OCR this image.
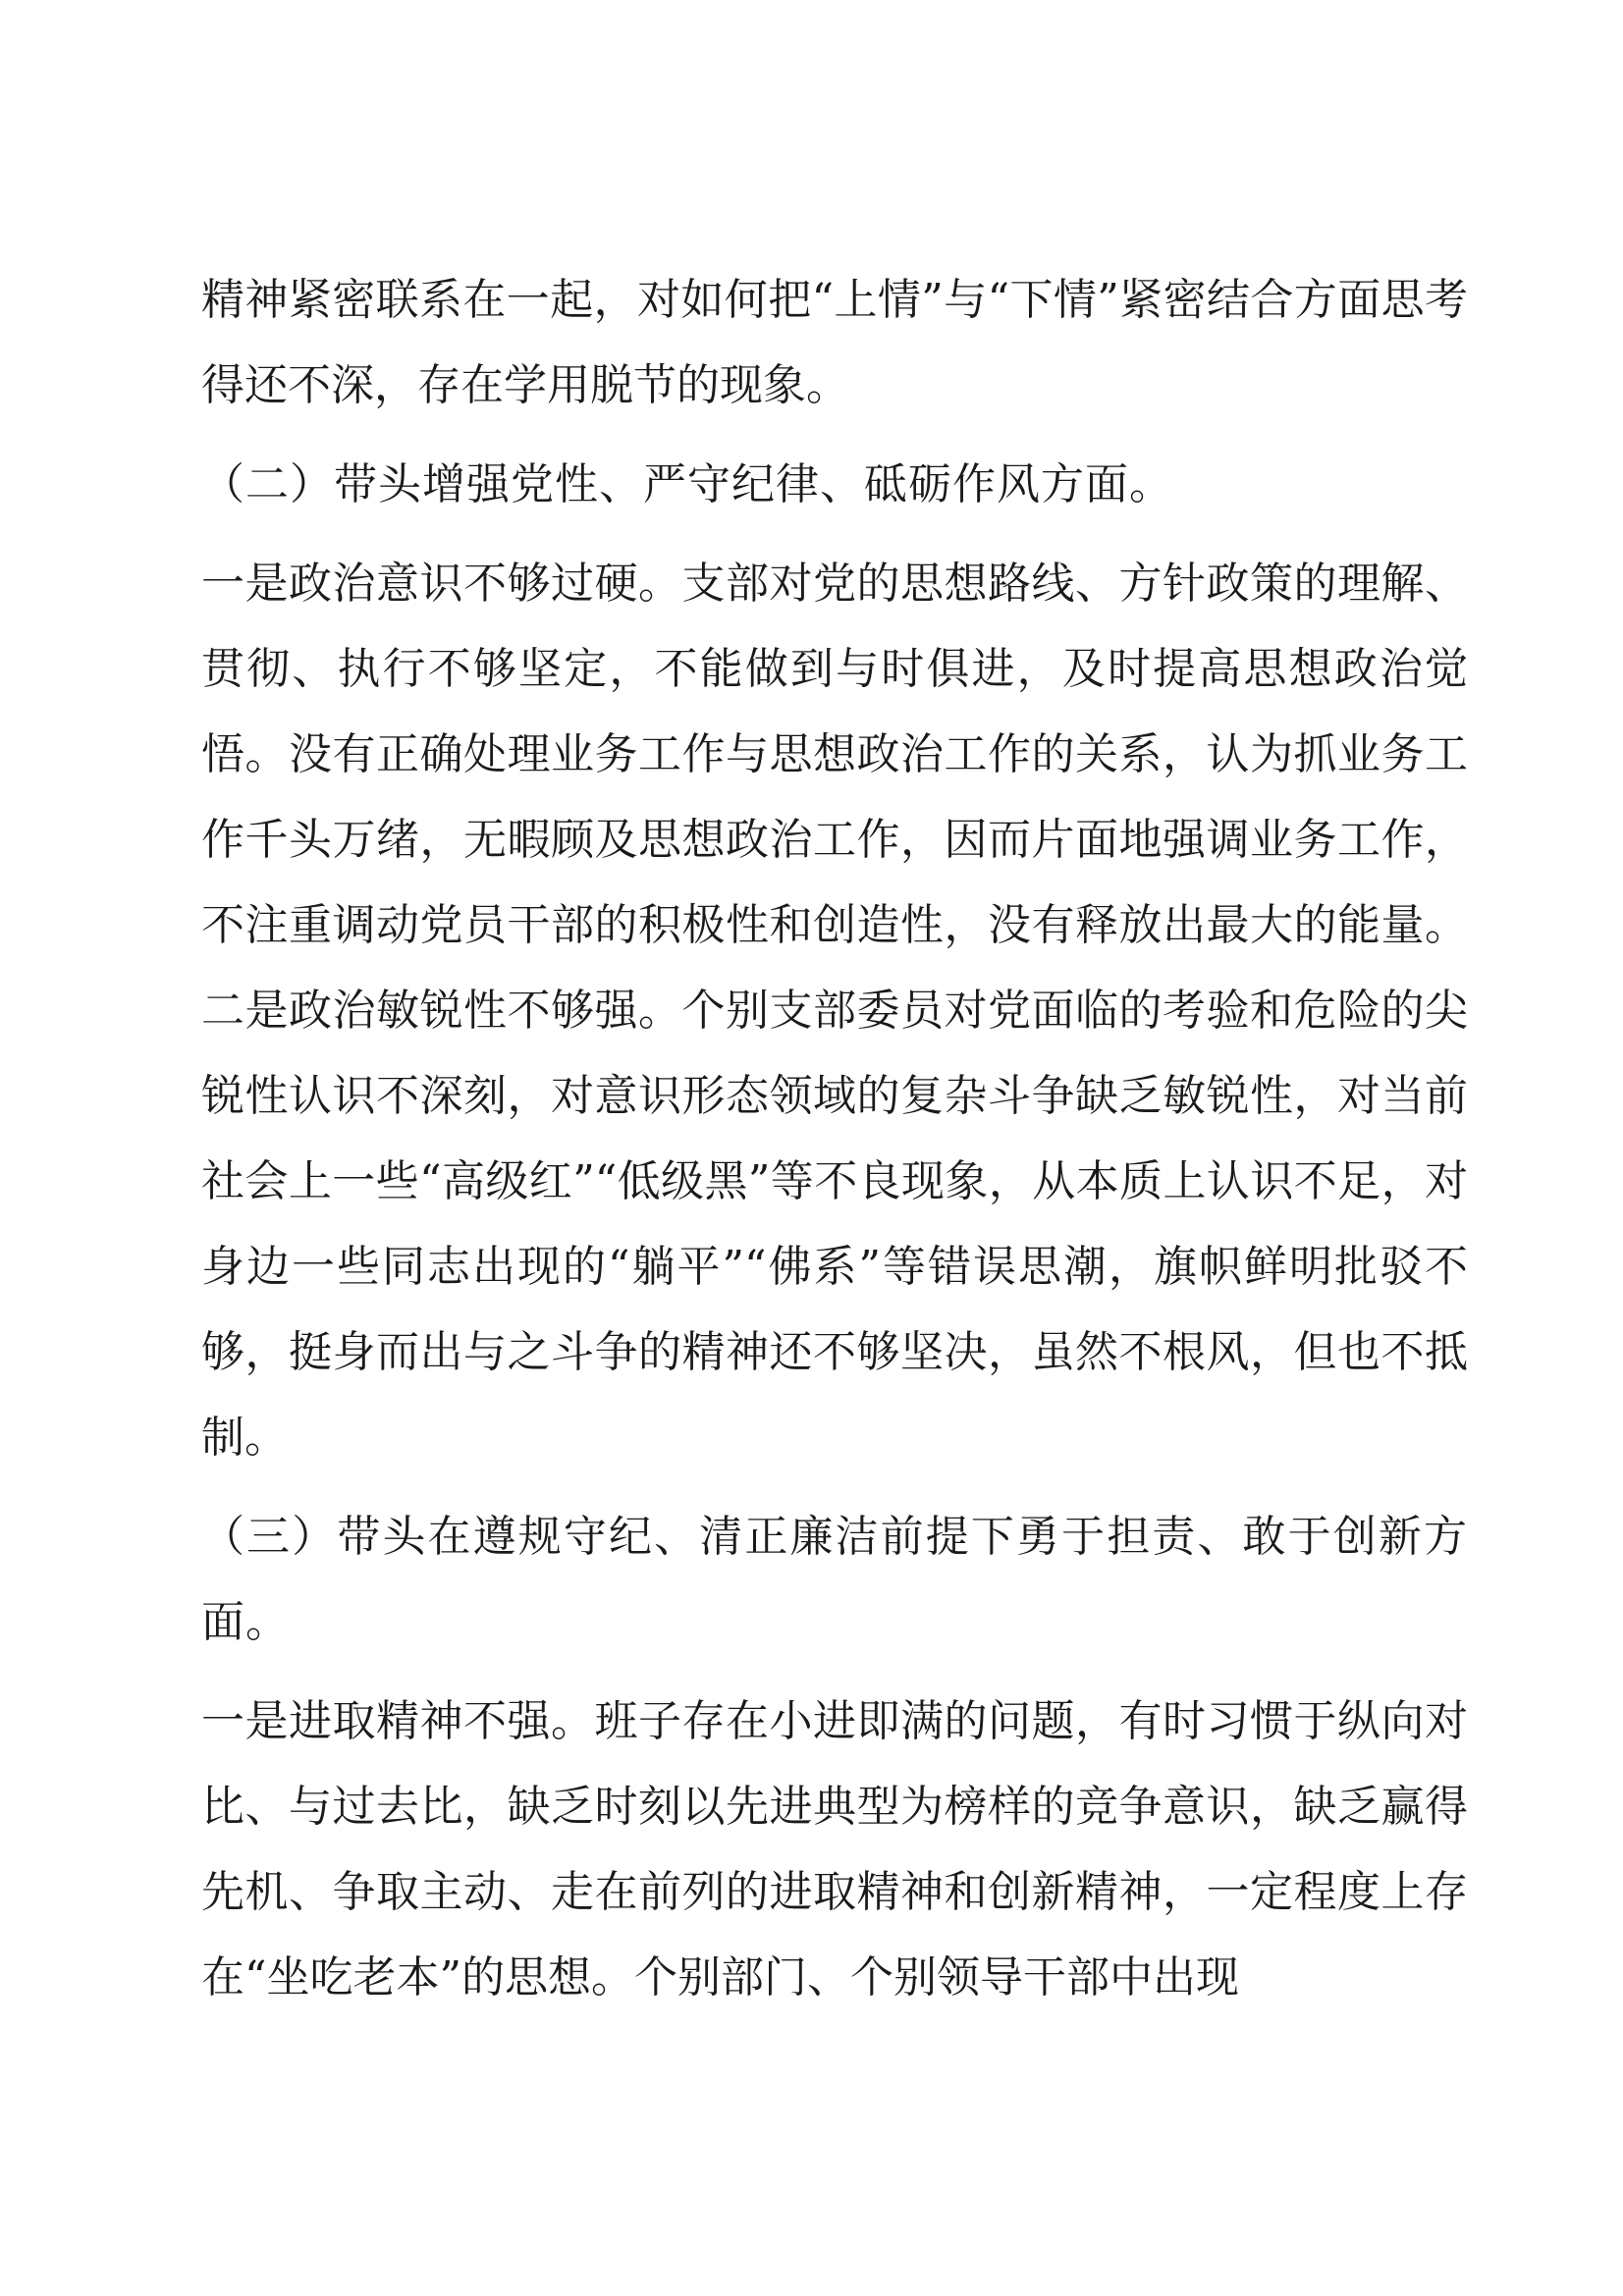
精神紧密联系在一起，对如何把“上情”与“下情”紧密结合方面思考得还不深，存在学用脱节的现象。

（二）带头增强党性、严守纪律、砥砺作风方面。

一是政治意识不够过硬。支部对党的思想路线、方针政策的理解、贯彻、执行不够坚定，不能做到与时俱进，及时提高思想政治觉悟。没有正确处理业务工作与思想政治工作的关系，认为抓业务工作千头万绪，无暇顾及思想政治工作，因而片面地强调业务工作，不注重调动党员干部的积极性和创造性，没有释放出最大的能量。二是政治敏锐性不够强。个别支部委员对党面临的考验和危险的尖锐性认识不深刻，对意识形态领域的复杂斗争缺乏敏锐性，对当前社会上一些“高级红”“低级黑”等不良现象，从本质上认识不足，对身边一些同志出现的“躺平”“佛系”等错误思潮，旗帜鲜明批驳不够，挺身而出与之斗争的精神还不够坚决，虽然不根风，但也不抵制。

（三）带头在遵规守纪、清正廉洁前提下勇于担责、敢于创新方面。

一是进取精神不强。班子存在小进即满的问题，有时习惯于纵向对比、与过去比，缺乏时刻以先进典型为榜样的竞争意识，缺乏赢得先机、争取主动、走在前列的进取精神和创新精神，一定程度上存在“坐吃老本”的思想。个别部门、个别领导干部中出现
